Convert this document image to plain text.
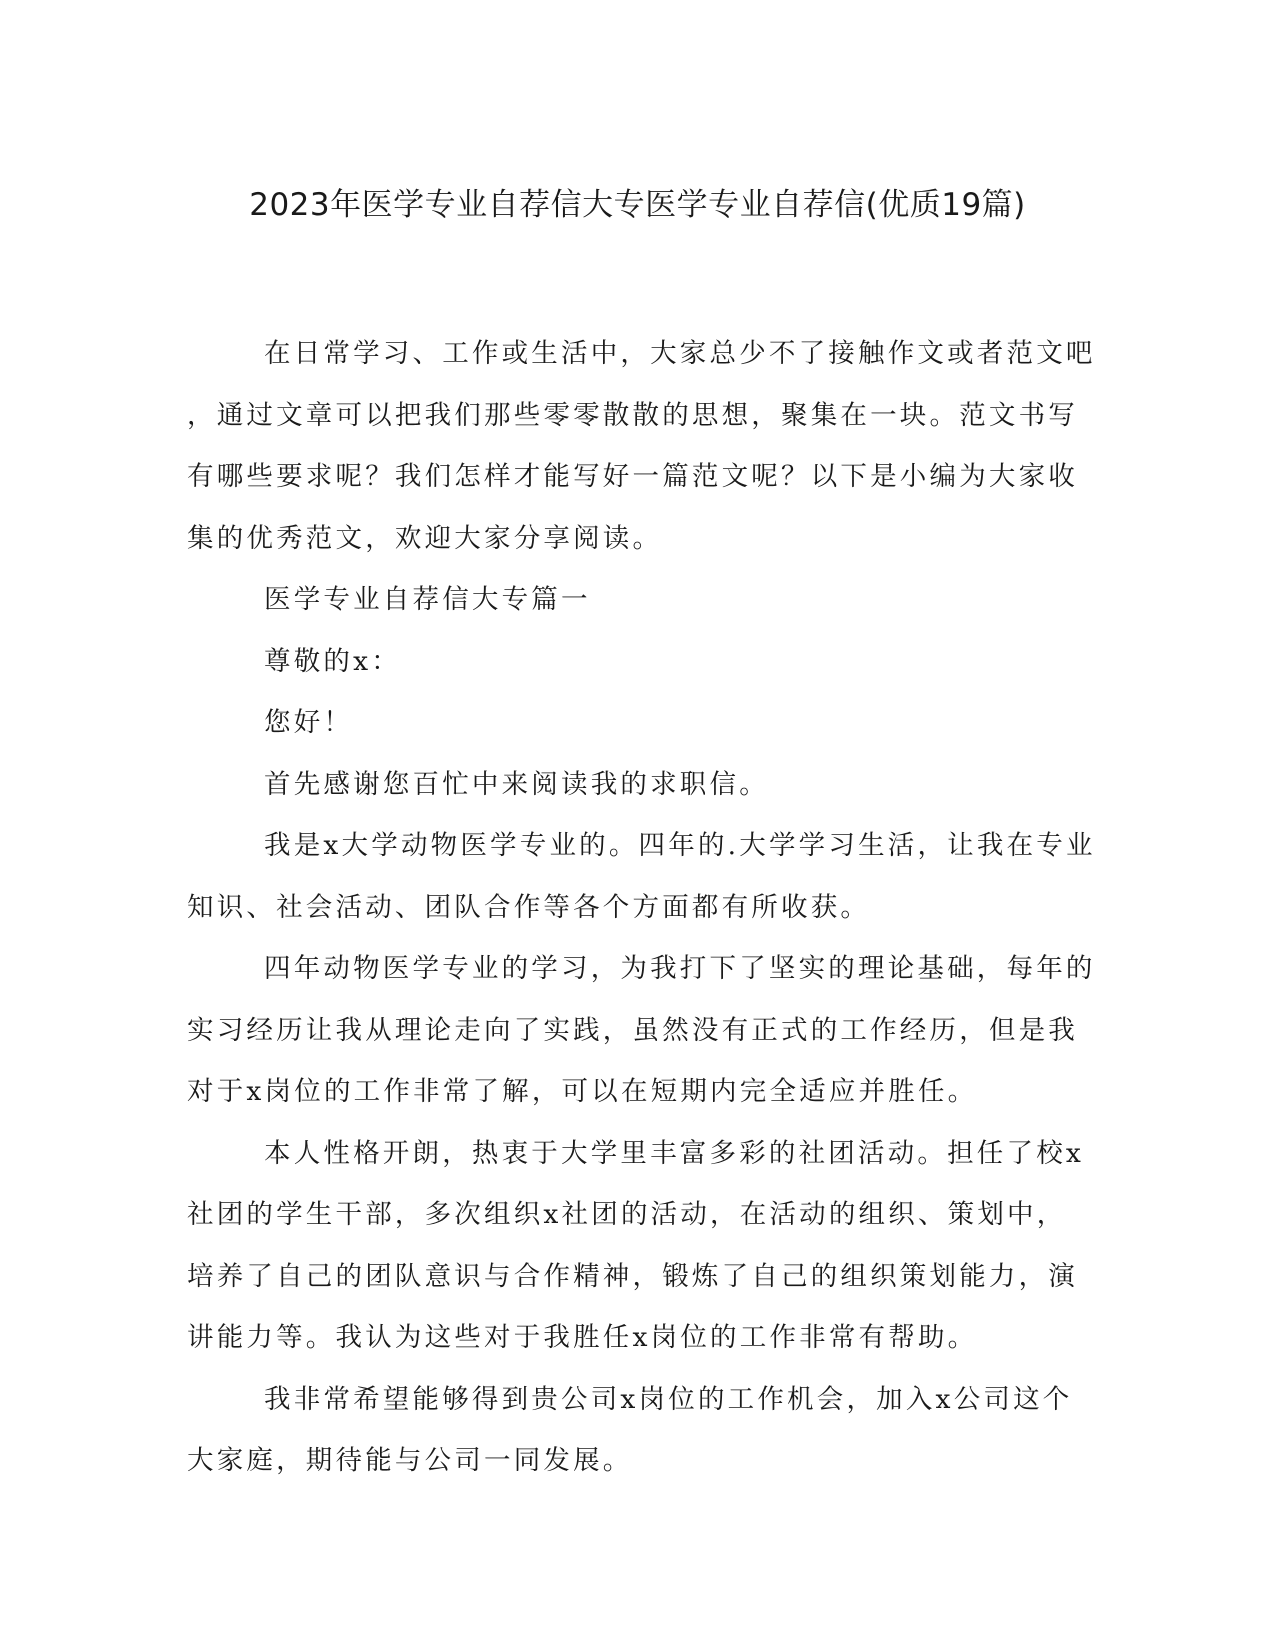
2023年医学专业自荐信大专医学专业自荐信(优质19篇)
在日常学习、工作或生活中，大家总少不了接触作文或者范文吧
，通过文章可以把我们那些零零散散的思想，聚集在一块。范文书写
有哪些要求呢？我们怎样才能写好一篇范文呢？以下是小编为大家收
集的优秀范文，欢迎大家分享阅读。
医学专业自荐信大专篇一
尊敬的x：
您好！
首先感谢您百忙中来阅读我的求职信。
我是x大学动物医学专业的。四年的.大学学习生活，让我在专业
知识、社会活动、团队合作等各个方面都有所收获。
四年动物医学专业的学习，为我打下了坚实的理论基础，每年的
实习经历让我从理论走向了实践，虽然没有正式的工作经历，但是我
对于x岗位的工作非常了解，可以在短期内完全适应并胜任。
本人性格开朗，热衷于大学里丰富多彩的社团活动。担任了校x
社团的学生干部，多次组织x社团的活动，在活动的组织、策划中，
培养了自己的团队意识与合作精神，锻炼了自己的组织策划能力，演
讲能力等。我认为这些对于我胜任x岗位的工作非常有帮助。
我非常希望能够得到贵公司x岗位的工作机会，加入x公司这个
大家庭，期待能与公司一同发展。
